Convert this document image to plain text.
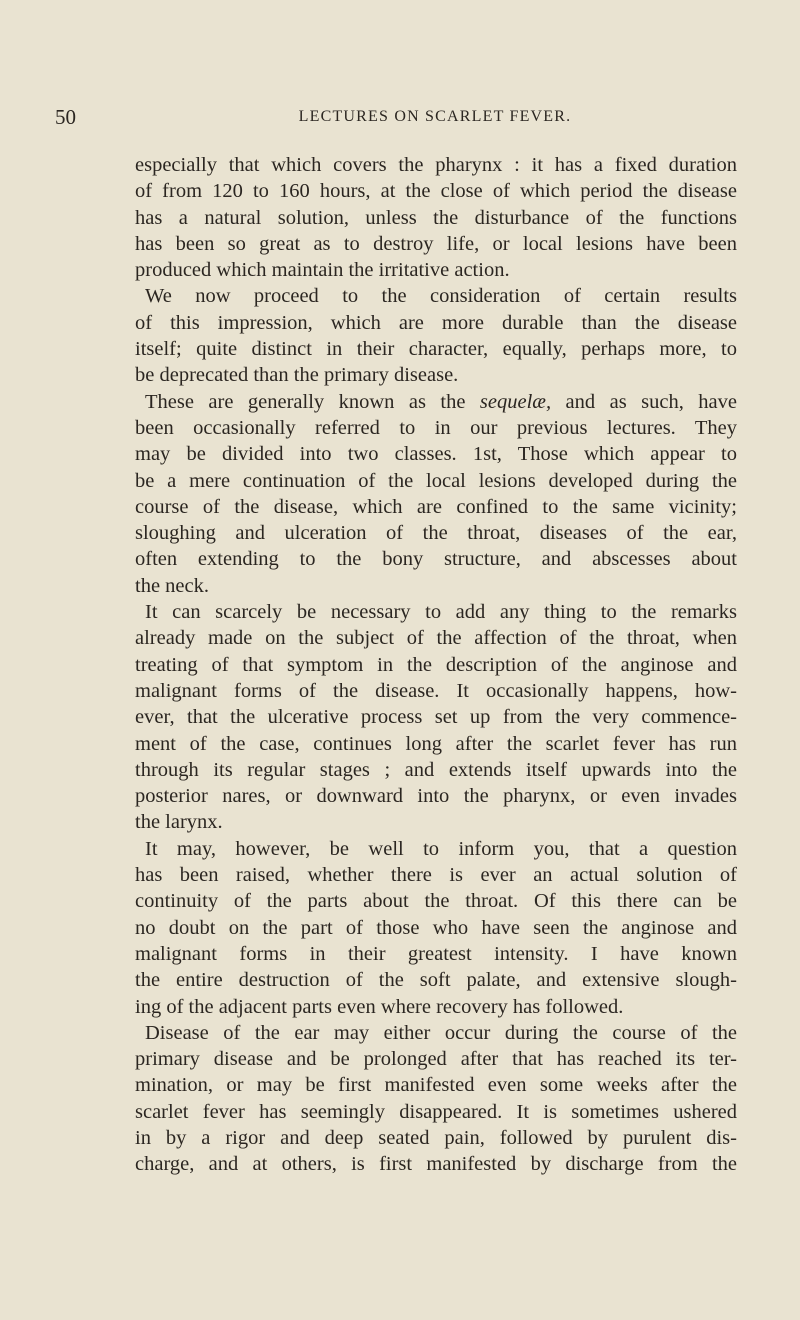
50	LECTURES ON SCARLET FEVER.
especially that which covers the pharynx : it has a fixed duration
of from 120 to 160 hours, at the close of which period the disease
has a natural solution, unless the disturbance of the functions
has been so great as to destroy life, or local lesions have been
produced which maintain the irritative action.
We now proceed to the consideration of certain results
of this impression, which are more durable than the disease
itself; quite distinct in their character, equally, perhaps more, to
be deprecated than the primary disease.
These are generally known as the sequelæ, and as such, have
been occasionally referred to in our previous lectures. They
may be divided into two classes. 1st, Those which appear to
be a mere continuation of the local lesions developed during the
course of the disease, which are confined to the same vicinity;
sloughing and ulceration of the throat, diseases of the ear,
often extending to the bony structure, and abscesses about
the neck.
It can scarcely be necessary to add any thing to the remarks
already made on the subject of the affection of the throat, when
treating of that symptom in the description of the anginose and
malignant forms of the disease. It occasionally happens, how-
ever, that the ulcerative process set up from the very commence-
ment of the case, continues long after the scarlet fever has run
through its regular stages ; and extends itself upwards into the
posterior nares, or downward into the pharynx, or even invades
the larynx.
It may, however, be well to inform you, that a question
has been raised, whether there is ever an actual solution of
continuity of the parts about the throat. Of this there can be
no doubt on the part of those who have seen the anginose and
malignant forms in their greatest intensity. I have known
the entire destruction of the soft palate, and extensive slough-
ing of the adjacent parts even where recovery has followed.
Disease of the ear may either occur during the course of the
primary disease and be prolonged after that has reached its ter-
mination, or may be first manifested even some weeks after the
scarlet fever has seemingly disappeared. It is sometimes ushered
in by a rigor and deep seated pain, followed by purulent dis-
charge, and at others, is first manifested by discharge from the
